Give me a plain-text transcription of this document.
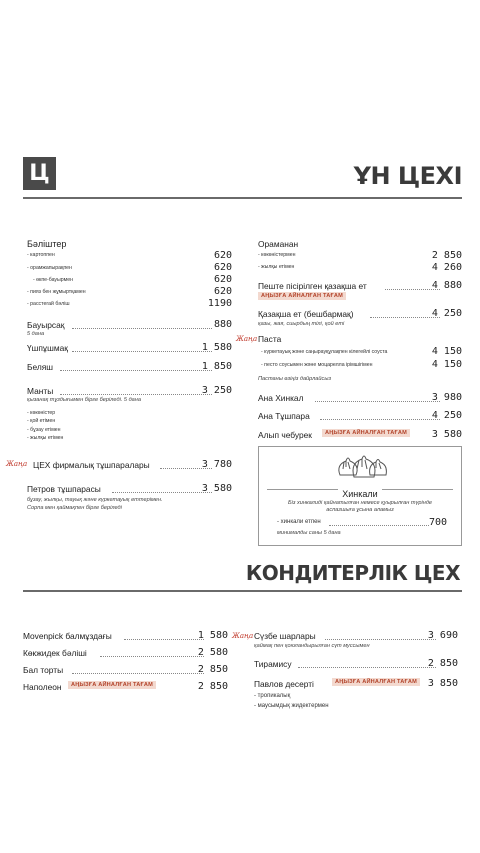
Ц	ҰН ЦЕХІ
Бәліштер
- картоппен	620
- орамжапырақпен	620
- өкпе-бауырмен	620
- пияз бен жұмыртқамен	620
- расстегай бәліш	1190
Бауырсақ	880
5 дана
Үшпұшмақ	1 580
Беляш	1 850
Манты	3 250
қызанақ тұздығымен бірге беріледі. 5 дана
- көкөністер
- қой етімен
- бұзау етімен
- жылқы етімен
Жаңа ЦЕХ фирмалық тұшпаралары	3 780
Петров тұшпарасы	3 580
бұзау, жылқы, тауық және күркетауық еттерімен.
Сорпа мен қаймақпен бірге беріледі
Ораманан
- көкөністермен	2 850
- жылқы етімен	4 260
Пеште пісірілген қазақша ет	4 880
АҢЫЗҒА АЙНАЛҒАН ТАҒАМ
Қазақша ет (бешбармақ)	4 250
қазы, жая, сиырдың тілі, қой еті
Жаңа Паста
- күркетауық және саңырауқұлақпен кілегейлі соуста	4 150
- песто соусымен және моцарелла ірімшігімен	4 150
Пастаны өзіңіз дайрлайсыз
Ана Хинкал	3 980
Ана Тұшпара	4 250
Алып чебурек	АҢЫЗҒА АЙНАЛҒАН ТАҒАМ	3 580
Хинкали
Біз хинкалиді қайнатылған немесе қуырылған түрінде
аспазшыға ұсына аламыз
- хинкали етпен	700
минималды саны 5 дана
КОНДИТЕРЛІК ЦЕХ
Movenpick балмұздағы	1 580
Көкжидек бәліші	2 580
Бал торты	2 850
Наполеон	АҢЫЗҒА АЙНАЛҒАН ТАҒАМ	2 850
Жаңа Сүзбе шарлары	3 690
қаймақ пен қоюландырылған сүт муссымен
Тирамису	2 850
Павлов десерті	АҢЫЗҒА АЙНАЛҒАН ТАҒАМ	3 850
- тропикалық
- маусымдық жидектермен
